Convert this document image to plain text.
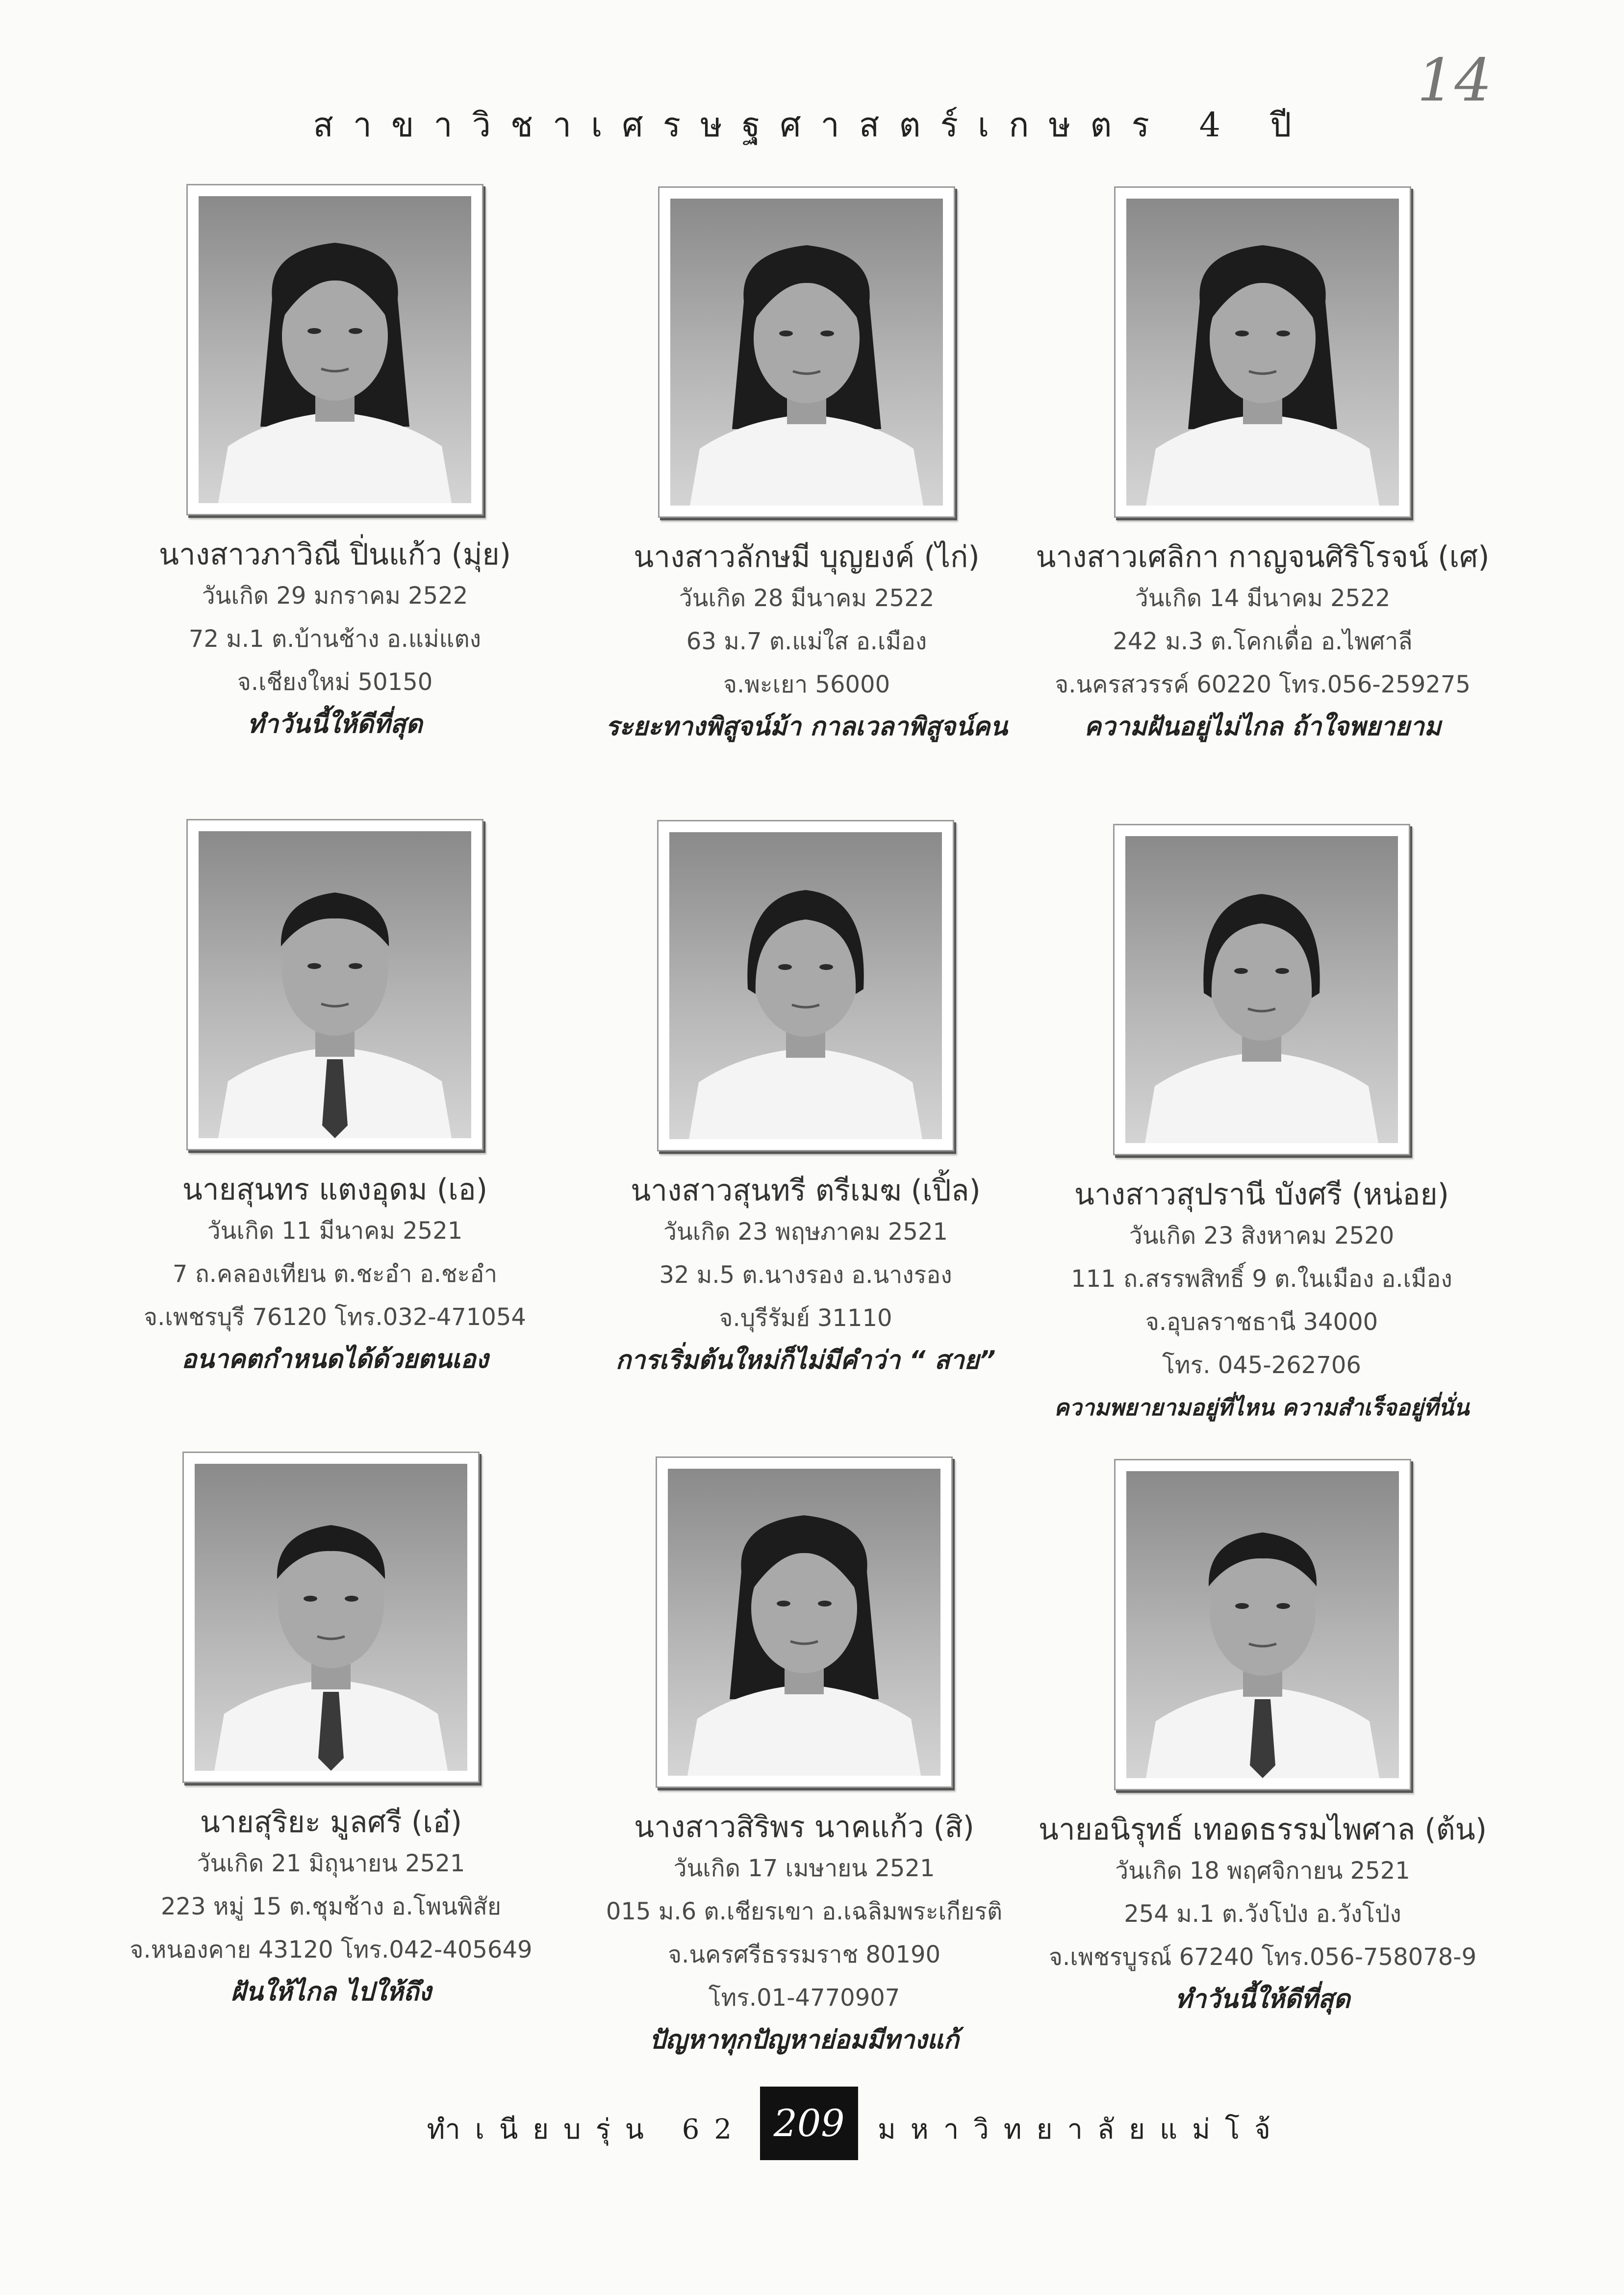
สาขาวิชาเศรษฐศาสตร์เกษตร 4 ปี
14
นางสาวภาวิณี ปิ่นแก้ว (มุ่ย)
วันเกิด 29 มกราคม 2522
72 ม.1 ต.บ้านช้าง อ.แม่แตง
จ.เชียงใหม่ 50150
ทำวันนี้ให้ดีที่สุด
นางสาวลักษมี บุญยงค์ (ไก่)
วันเกิด 28 มีนาคม 2522
63 ม.7 ต.แม่ใส อ.เมือง
จ.พะเยา 56000
ระยะทางพิสูจน์ม้า กาลเวลาพิสูจน์คน
นางสาวเศลิกา กาญจนศิริโรจน์ (เศ)
วันเกิด 14 มีนาคม 2522
242 ม.3 ต.โคกเดื่อ อ.ไพศาลี
จ.นครสวรรค์ 60220 โทร.056-259275
ความฝันอยู่ไม่ไกล ถ้าใจพยายาม
นายสุนทร แตงอุดม (เอ)
วันเกิด 11 มีนาคม 2521
7 ถ.คลองเทียน ต.ชะอำ อ.ชะอำ
จ.เพชรบุรี 76120 โทร.032-471054
อนาคตกำหนดได้ด้วยตนเอง
นางสาวสุนทรี ตรีเมฆ (เปิ้ล)
วันเกิด 23 พฤษภาคม 2521
32 ม.5 ต.นางรอง อ.นางรอง
จ.บุรีรัมย์ 31110
การเริ่มต้นใหม่ก็ไม่มีคำว่า “ สาย”
นางสาวสุปรานี บังศรี (หน่อย)
วันเกิด 23 สิงหาคม 2520
111 ถ.สรรพสิทธิ์ 9 ต.ในเมือง อ.เมือง
จ.อุบลราชธานี 34000
โทร. 045-262706
ความพยายามอยู่ที่ไหน ความสำเร็จอยู่ที่นั่น
นายสุริยะ มูลศรี (เอ๋)
วันเกิด 21 มิถุนายน 2521
223 หมู่ 15 ต.ชุมช้าง อ.โพนพิสัย
จ.หนองคาย 43120 โทร.042-405649
ฝันให้ไกล ไปให้ถึง
นางสาวสิริพร นาคแก้ว (สิ)
วันเกิด 17 เมษายน 2521
015 ม.6 ต.เชียรเขา อ.เฉลิมพระเกียรติ
จ.นครศรีธรรมราช 80190
โทร.01-4770907
ปัญหาทุกปัญหาย่อมมีทางแก้
นายอนิรุทธ์ เทอดธรรมไพศาล (ต้น)
วันเกิด 18 พฤศจิกายน 2521
254 ม.1 ต.วังโป่ง อ.วังโป่ง
จ.เพชรบูรณ์ 67240 โทร.056-758078-9
ทำวันนี้ให้ดีที่สุด
ทำเนียบรุ่น 62 209	มหาวิทยาลัยแม่โจ้
